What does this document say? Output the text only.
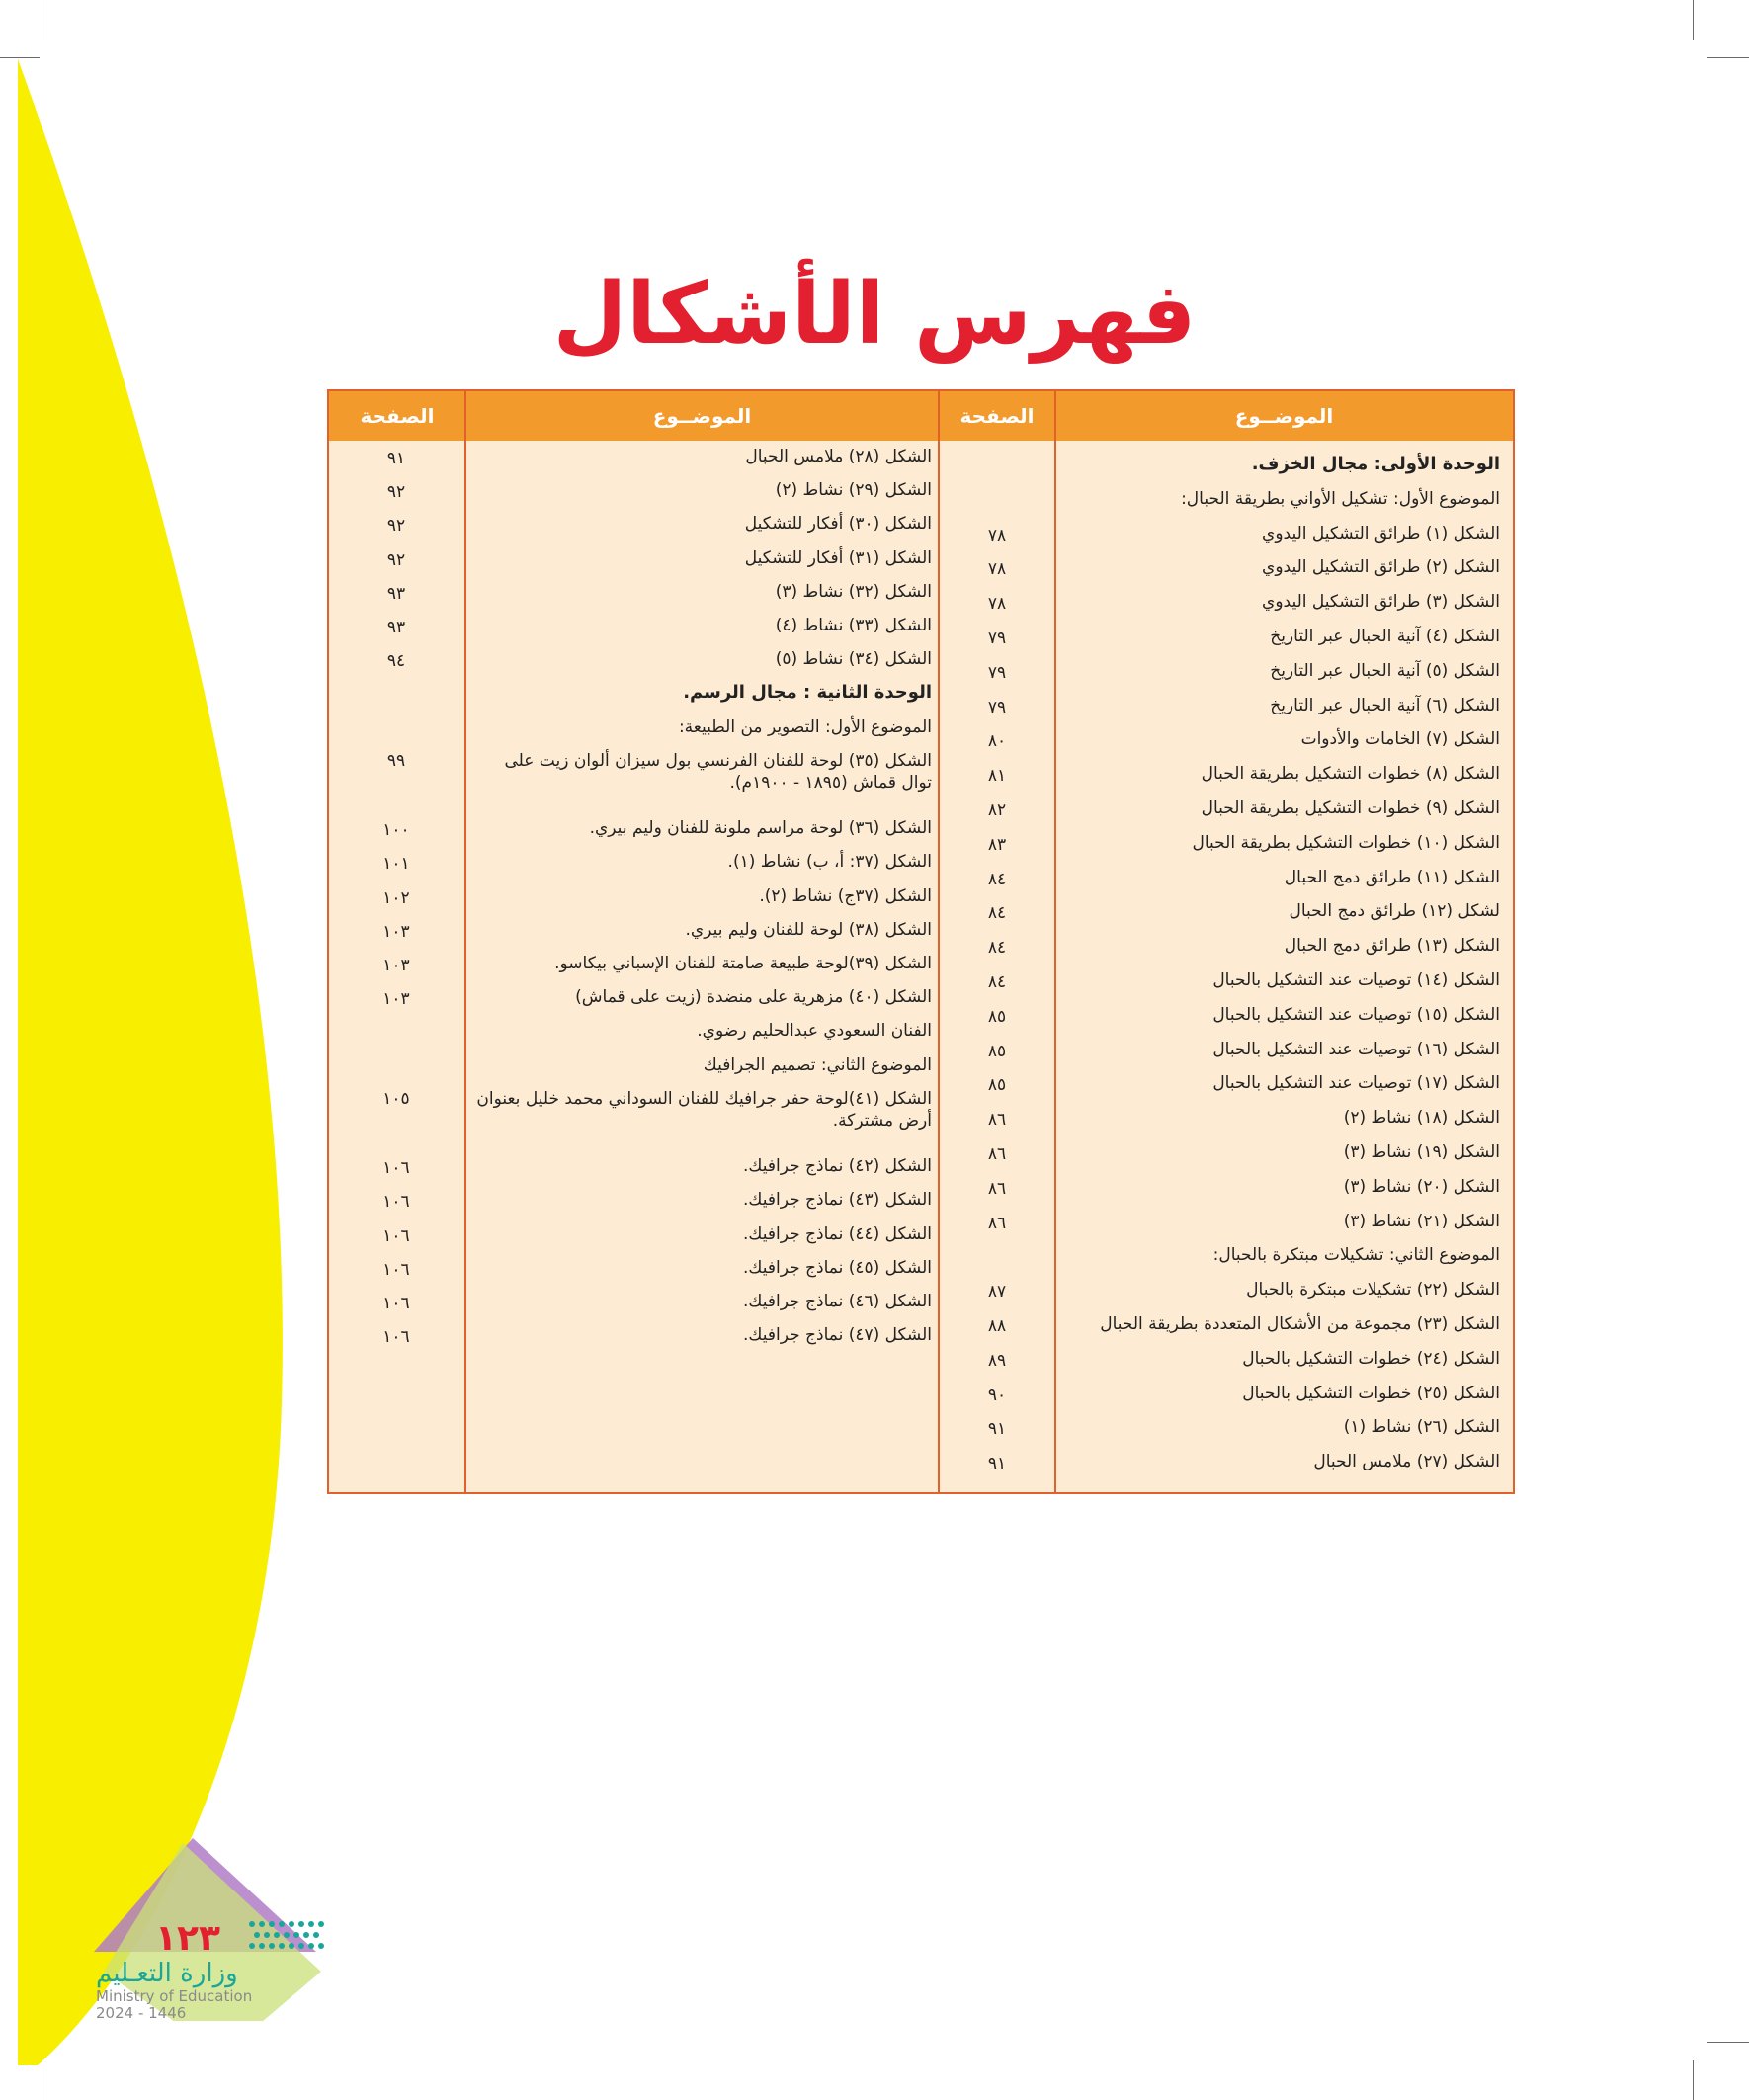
فهرس الأشكال
الموضــوع
الصفحة	الصفحة	الموضــوع
الوحدة الأولى: مجال الخزف.
الموضوع الأول: تشكيل الأواني بطريقة الحبال:
الشكل (١) طرائق التشكيل اليدوي
٧٨
الشكل (٢) طرائق التشكيل اليدوي
٧٨
الشكل (٣) طرائق التشكيل اليدوي
٧٨
الشكل (٤) آنية الحبال عبر التاريخ
٧٩
الشكل (٥) آنية الحبال عبر التاريخ
٧٩
الشكل (٦) آنية الحبال عبر التاريخ
٧٩
الشكل (٧) الخامات والأدوات
٨٠
الشكل (٨) خطوات التشكيل بطريقة الحبال
٨١
الشكل (٩) خطوات التشكيل بطريقة الحبال
٨٢
الشكل (١٠) خطوات التشكيل بطريقة الحبال
٨٣
الشكل (١١) طرائق دمج الحبال
٨٤
لشكل (١٢) طرائق دمج الحبال
٨٤
الشكل (١٣) طرائق دمج الحبال
٨٤
الشكل (١٤) توصيات عند التشكيل بالحبال
٨٤
الشكل (١٥) توصيات عند التشكيل بالحبال
٨٥
الشكل (١٦) توصيات عند التشكيل بالحبال
٨٥
الشكل (١٧) توصيات عند التشكيل بالحبال
٨٥
الشكل (١٨) نشاط (٢)
٨٦
الشكل (١٩) نشاط (٣)
٨٦
الشكل (٢٠) نشاط (٣)
٨٦
الشكل (٢١) نشاط (٣)
٨٦
الموضوع الثاني: تشكيلات مبتكرة بالحبال:
الشكل (٢٢) تشكيلات مبتكرة بالحبال
٨٧
الشكل (٢٣) مجموعة من الأشكال المتعددة بطريقة الحبال
٨٨
الشكل (٢٤) خطوات التشكيل بالحبال
٨٩
الشكل (٢٥) خطوات التشكيل بالحبال
٩٠
الشكل (٢٦) نشاط (١)
٩١
الشكل (٢٧) ملامس الحبال
٩١
الشكل (٢٨) ملامس الحبال
٩١
الشكل (٢٩) نشاط (٢)
٩٢
الشكل (٣٠) أفكار للتشكيل
٩٢
الشكل (٣١) أفكار للتشكيل
٩٢
الشكل (٣٢) نشاط (٣)
٩٣
الشكل (٣٣) نشاط (٤)
٩٣
الشكل (٣٤) نشاط (٥)
٩٤
الوحدة الثانية : مجال الرسم.
الموضوع الأول: التصوير من الطبيعة:
الشكل (٣٥) لوحة للفنان الفرنسي بول سيزان ألوان زيت على توال قماش (١٨٩٥ - ١٩٠٠م).
٩٩
الشكل (٣٦) لوحة مراسم ملونة للفنان وليم بيري.
١٠٠
الشكل (٣٧: أ، ب) نشاط (١).
١٠١
الشكل (٣٧ج) نشاط (٢).
١٠٢
الشكل (٣٨) لوحة للفنان وليم بيري.
١٠٣
الشكل (٣٩)لوحة طبيعة صامتة للفنان الإسباني بيكاسو.
١٠٣
الشكل (٤٠) مزهرية على منضدة (زيت على قماش)
١٠٣
الفنان السعودي عبدالحليم رضوي.
الموضوع الثاني: تصميم الجرافيك
الشكل (٤١)لوحة حفر جرافيك للفنان السوداني محمد خليل بعنوان أرض مشتركة.
١٠٥
الشكل (٤٢) نماذج جرافيك.
١٠٦
الشكل (٤٣) نماذج جرافيك.
١٠٦
الشكل (٤٤) نماذج جرافيك.
١٠٦
الشكل (٤٥) نماذج جرافيك.
١٠٦
الشكل (٤٦) نماذج جرافيك.
١٠٦
الشكل (٤٧) نماذج جرافيك.
١٠٦
١٢٣
وزارة التعـليم
Ministry of Education
2024 - 1446
